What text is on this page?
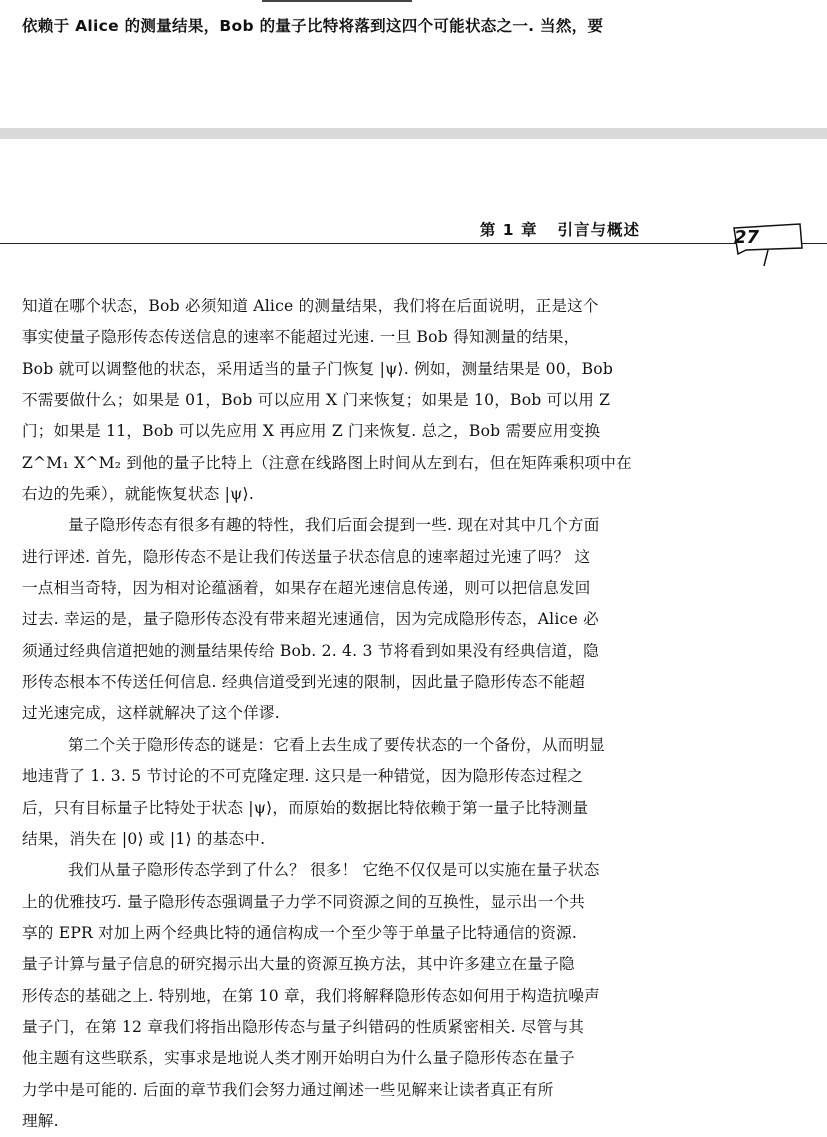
依赖于 Alice 的测量结果，Bob 的量子比特将落到这四个可能状态之一. 当然，要
第 1 章 引言与概述	27
知道在哪个状态，Bob 必须知道 Alice 的测量结果，我们将在后面说明，正是这个
事实使量子隐形传态传送信息的速率不能超过光速. 一旦 Bob 得知测量的结果，
Bob 就可以调整他的状态，采用适当的量子门恢复 |ψ⟩. 例如，测量结果是 00，Bob
不需要做什么；如果是 01，Bob 可以应用 X 门来恢复；如果是 10，Bob 可以用 Z
门；如果是 11，Bob 可以先应用 X 再应用 Z 门来恢复. 总之，Bob 需要应用变换
Z^M₁ X^M₂ 到他的量子比特上（注意在线路图上时间从左到右，但在矩阵乘积项中在
右边的先乘），就能恢复状态 |ψ⟩.
量子隐形传态有很多有趣的特性，我们后面会提到一些. 现在对其中几个方面
进行评述. 首先，隐形传态不是让我们传送量子状态信息的速率超过光速了吗？ 这
一点相当奇特，因为相对论蕴涵着，如果存在超光速信息传递，则可以把信息发回
过去. 幸运的是，量子隐形传态没有带来超光速通信，因为完成隐形传态，Alice 必
须通过经典信道把她的测量结果传给 Bob. 2. 4. 3 节将看到如果没有经典信道，隐
形传态根本不传送任何信息. 经典信道受到光速的限制，因此量子隐形传态不能超
过光速完成，这样就解决了这个佯谬.
第二个关于隐形传态的谜是：它看上去生成了要传状态的一个备份，从而明显
地违背了 1. 3. 5 节讨论的不可克隆定理. 这只是一种错觉，因为隐形传态过程之
后，只有目标量子比特处于状态 |ψ⟩，而原始的数据比特依赖于第一量子比特测量
结果，消失在 |0⟩ 或 |1⟩ 的基态中.
我们从量子隐形传态学到了什么？ 很多！ 它绝不仅仅是可以实施在量子状态
上的优雅技巧. 量子隐形传态强调量子力学不同资源之间的互换性，显示出一个共
享的 EPR 对加上两个经典比特的通信构成一个至少等于单量子比特通信的资源.
量子计算与量子信息的研究揭示出大量的资源互换方法，其中许多建立在量子隐
形传态的基础之上. 特别地，在第 10 章，我们将解释隐形传态如何用于构造抗噪声
量子门，在第 12 章我们将指出隐形传态与量子纠错码的性质紧密相关. 尽管与其
他主题有这些联系，实事求是地说人类才刚开始明白为什么量子隐形传态在量子
力学中是可能的. 后面的章节我们会努力通过阐述一些见解来让读者真正有所
理解.
